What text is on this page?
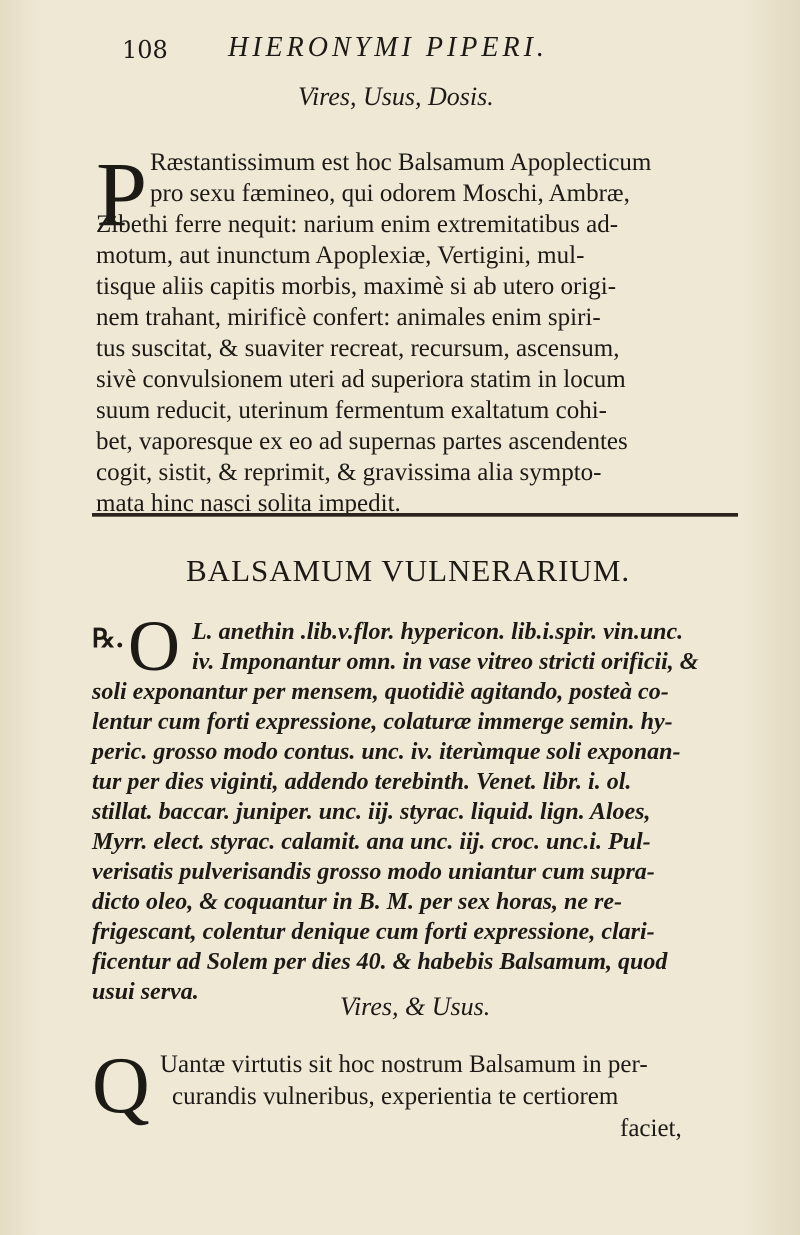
108 HIERONYMI PIPERI.
Vires, Usus, Dosis.
P Ræstantissimum est hoc Balsamum Apoplecticum
pro sexu fæmineo, qui odorem Moschi, Ambræ,
Zibethi ferre nequit: narium enim extremitatibus ad-
motum, aut inunctum Apoplexiæ, Vertigini, mul-
tisque aliis capitis morbis, maximè si ab utero origi-
nem trahant, mirificè confert: animales enim spiri-
tus suscitat, & suaviter recreat, recursum, ascensum,
sivè convulsionem uteri ad superiora statim in locum
suum reducit, uterinum fermentum exaltatum cohi-
bet, vaporesque ex eo ad supernas partes ascendentes
cogit, sistit, & reprimit, & gravissima alia sympto-
mata hinc nasci solita impedit.
BALSAMUM VULNERARIUM.
℞. O L. anethin .lib.v.flor. hypericon. lib.i.spir. vin.unc.
iv. Imponantur omn. in vase vitreo stricti orificii, &
soli exponantur per mensem, quotidiè agitando, posteà co-
lentur cum forti expressione, colaturæ immerge semin. hy-
peric. grosso modo contus. unc. iv. iterùmque soli exponan-
tur per dies viginti, addendo terebinth. Venet. libr. i. ol.
stillat. baccar. juniper. unc. iij. styrac. liquid. lign. Aloes,
Myrr. elect. styrac. calamit. ana unc. iij. croc. unc.i. Pul-
verisatis pulverisandis grosso modo uniantur cum supra-
dicto oleo, & coquantur in B. M. per sex horas, ne re-
frigescant, colentur denique cum forti expressione, clari-
ficentur ad Solem per dies 40. & habebis Balsamum, quod
usui serva.	Vires, & Usus.
Q Uantæ virtutis sit hoc nostrum Balsamum in per-
curandis vulneribus, experientia te certiorem
faciet,
